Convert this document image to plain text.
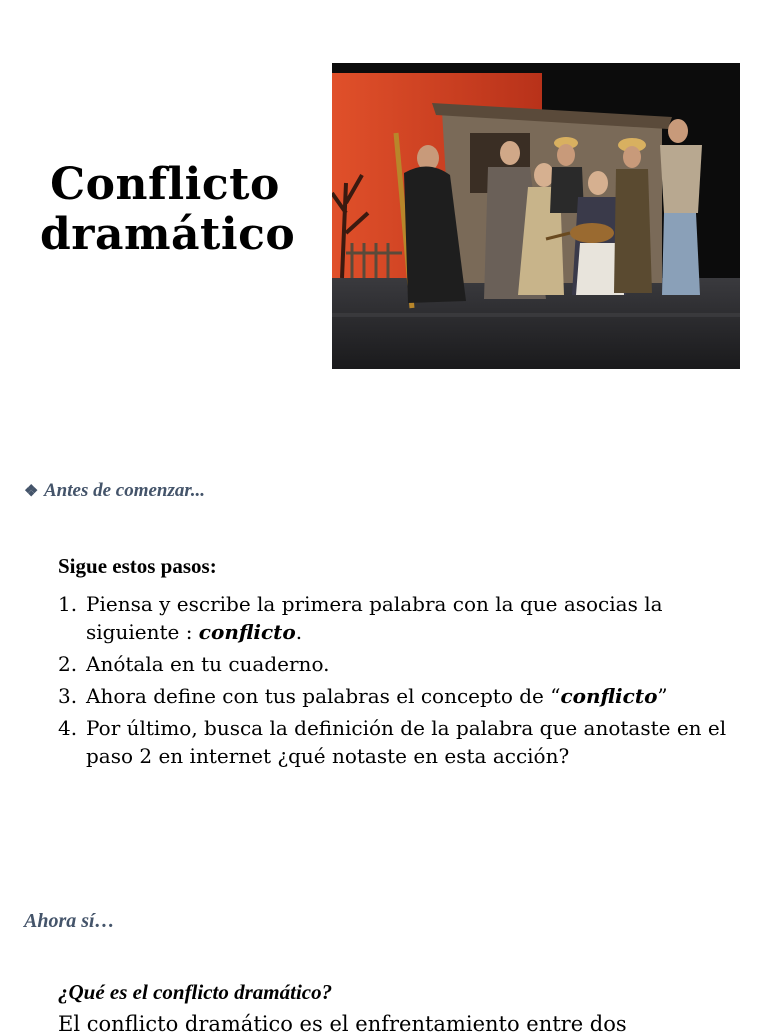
Conflicto dramático
❖ Antes de comenzar...
Sigue estos pasos:
1. Piensa y escribe la primera palabra con la que asocias la siguiente : conflicto.
2. Anótala en tu cuaderno.
3. Ahora define con tus palabras el concepto de “conflicto”
4. Por último, busca la definición de la palabra que anotaste en el paso 2 en internet ¿qué notaste en esta acción?
Ahora sí…
¿Qué es el conflicto dramático?
El conflicto dramático es el enfrentamiento entre dos
